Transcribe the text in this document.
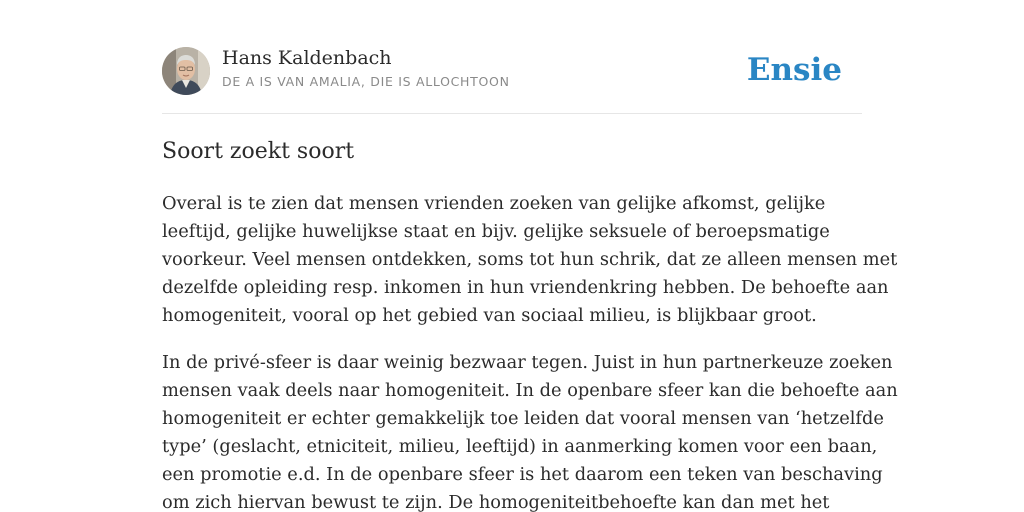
Hans Kaldenbach
DE A IS VAN AMALIA, DIE IS ALLOCHTOON	Ensie
Soort zoekt soort

Overal is te zien dat mensen vrienden zoeken van gelijke afkomst, gelijke
leeftijd, gelijke huwelijkse staat en bijv. gelijke seksuele of beroepsmatige
voorkeur. Veel mensen ontdekken, soms tot hun schrik, dat ze alleen mensen met
dezelfde opleiding resp. inkomen in hun vriendenkring hebben. De behoefte aan
homogeniteit, vooral op het gebied van sociaal milieu, is blijkbaar groot.

In de privé-sfeer is daar weinig bezwaar tegen. Juist in hun partnerkeuze zoeken
mensen vaak deels naar homogeniteit. In de openbare sfeer kan die behoefte aan
homogeniteit er echter gemakkelijk toe leiden dat vooral mensen van ‘hetzelfde
type’ (geslacht, etniciteit, milieu, leeftijd) in aanmerking komen voor een baan,
een promotie e.d. In de openbare sfeer is het daarom een teken van beschaving
om zich hiervan bewust te zijn. De homogeniteitbehoefte kan dan met het
